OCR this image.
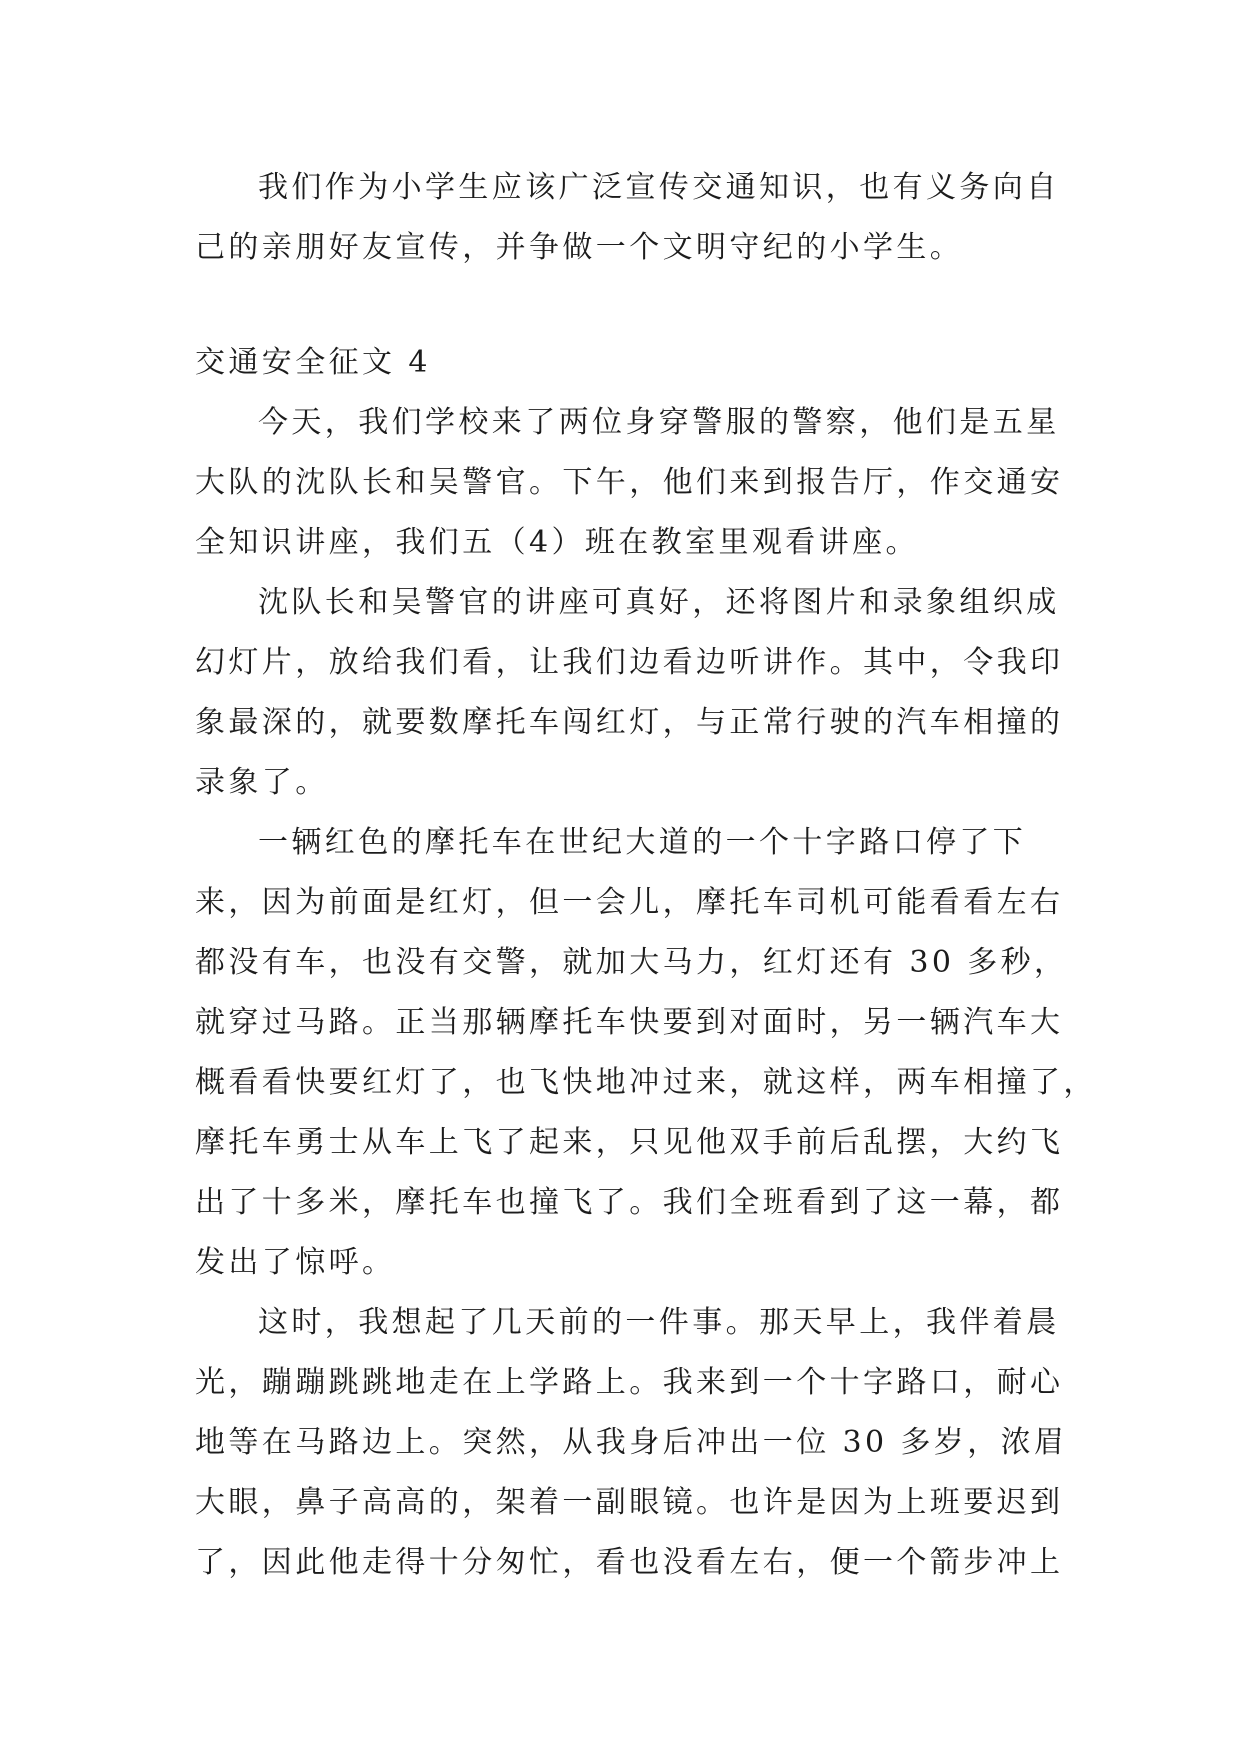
我们作为小学生应该广泛宣传交通知识，也有义务向自
己的亲朋好友宣传，并争做一个文明守纪的小学生。
交通安全征文 4
今天，我们学校来了两位身穿警服的警察，他们是五星
大队的沈队长和吴警官。下午，他们来到报告厅，作交通安
全知识讲座，我们五（4）班在教室里观看讲座。
沈队长和吴警官的讲座可真好，还将图片和录象组织成
幻灯片，放给我们看，让我们边看边听讲作。其中，令我印
象最深的，就要数摩托车闯红灯，与正常行驶的汽车相撞的
录象了。
一辆红色的摩托车在世纪大道的一个十字路口停了下
来，因为前面是红灯，但一会儿，摩托车司机可能看看左右
都没有车，也没有交警，就加大马力，红灯还有 30 多秒，
就穿过马路。正当那辆摩托车快要到对面时，另一辆汽车大
概看看快要红灯了，也飞快地冲过来，就这样，两车相撞了，
摩托车勇士从车上飞了起来，只见他双手前后乱摆，大约飞
出了十多米，摩托车也撞飞了。我们全班看到了这一幕，都
发出了惊呼。
这时，我想起了几天前的一件事。那天早上，我伴着晨
光，蹦蹦跳跳地走在上学路上。我来到一个十字路口，耐心
地等在马路边上。突然，从我身后冲出一位 30 多岁，浓眉
大眼，鼻子高高的，架着一副眼镜。也许是因为上班要迟到
了，因此他走得十分匆忙，看也没看左右，便一个箭步冲上
